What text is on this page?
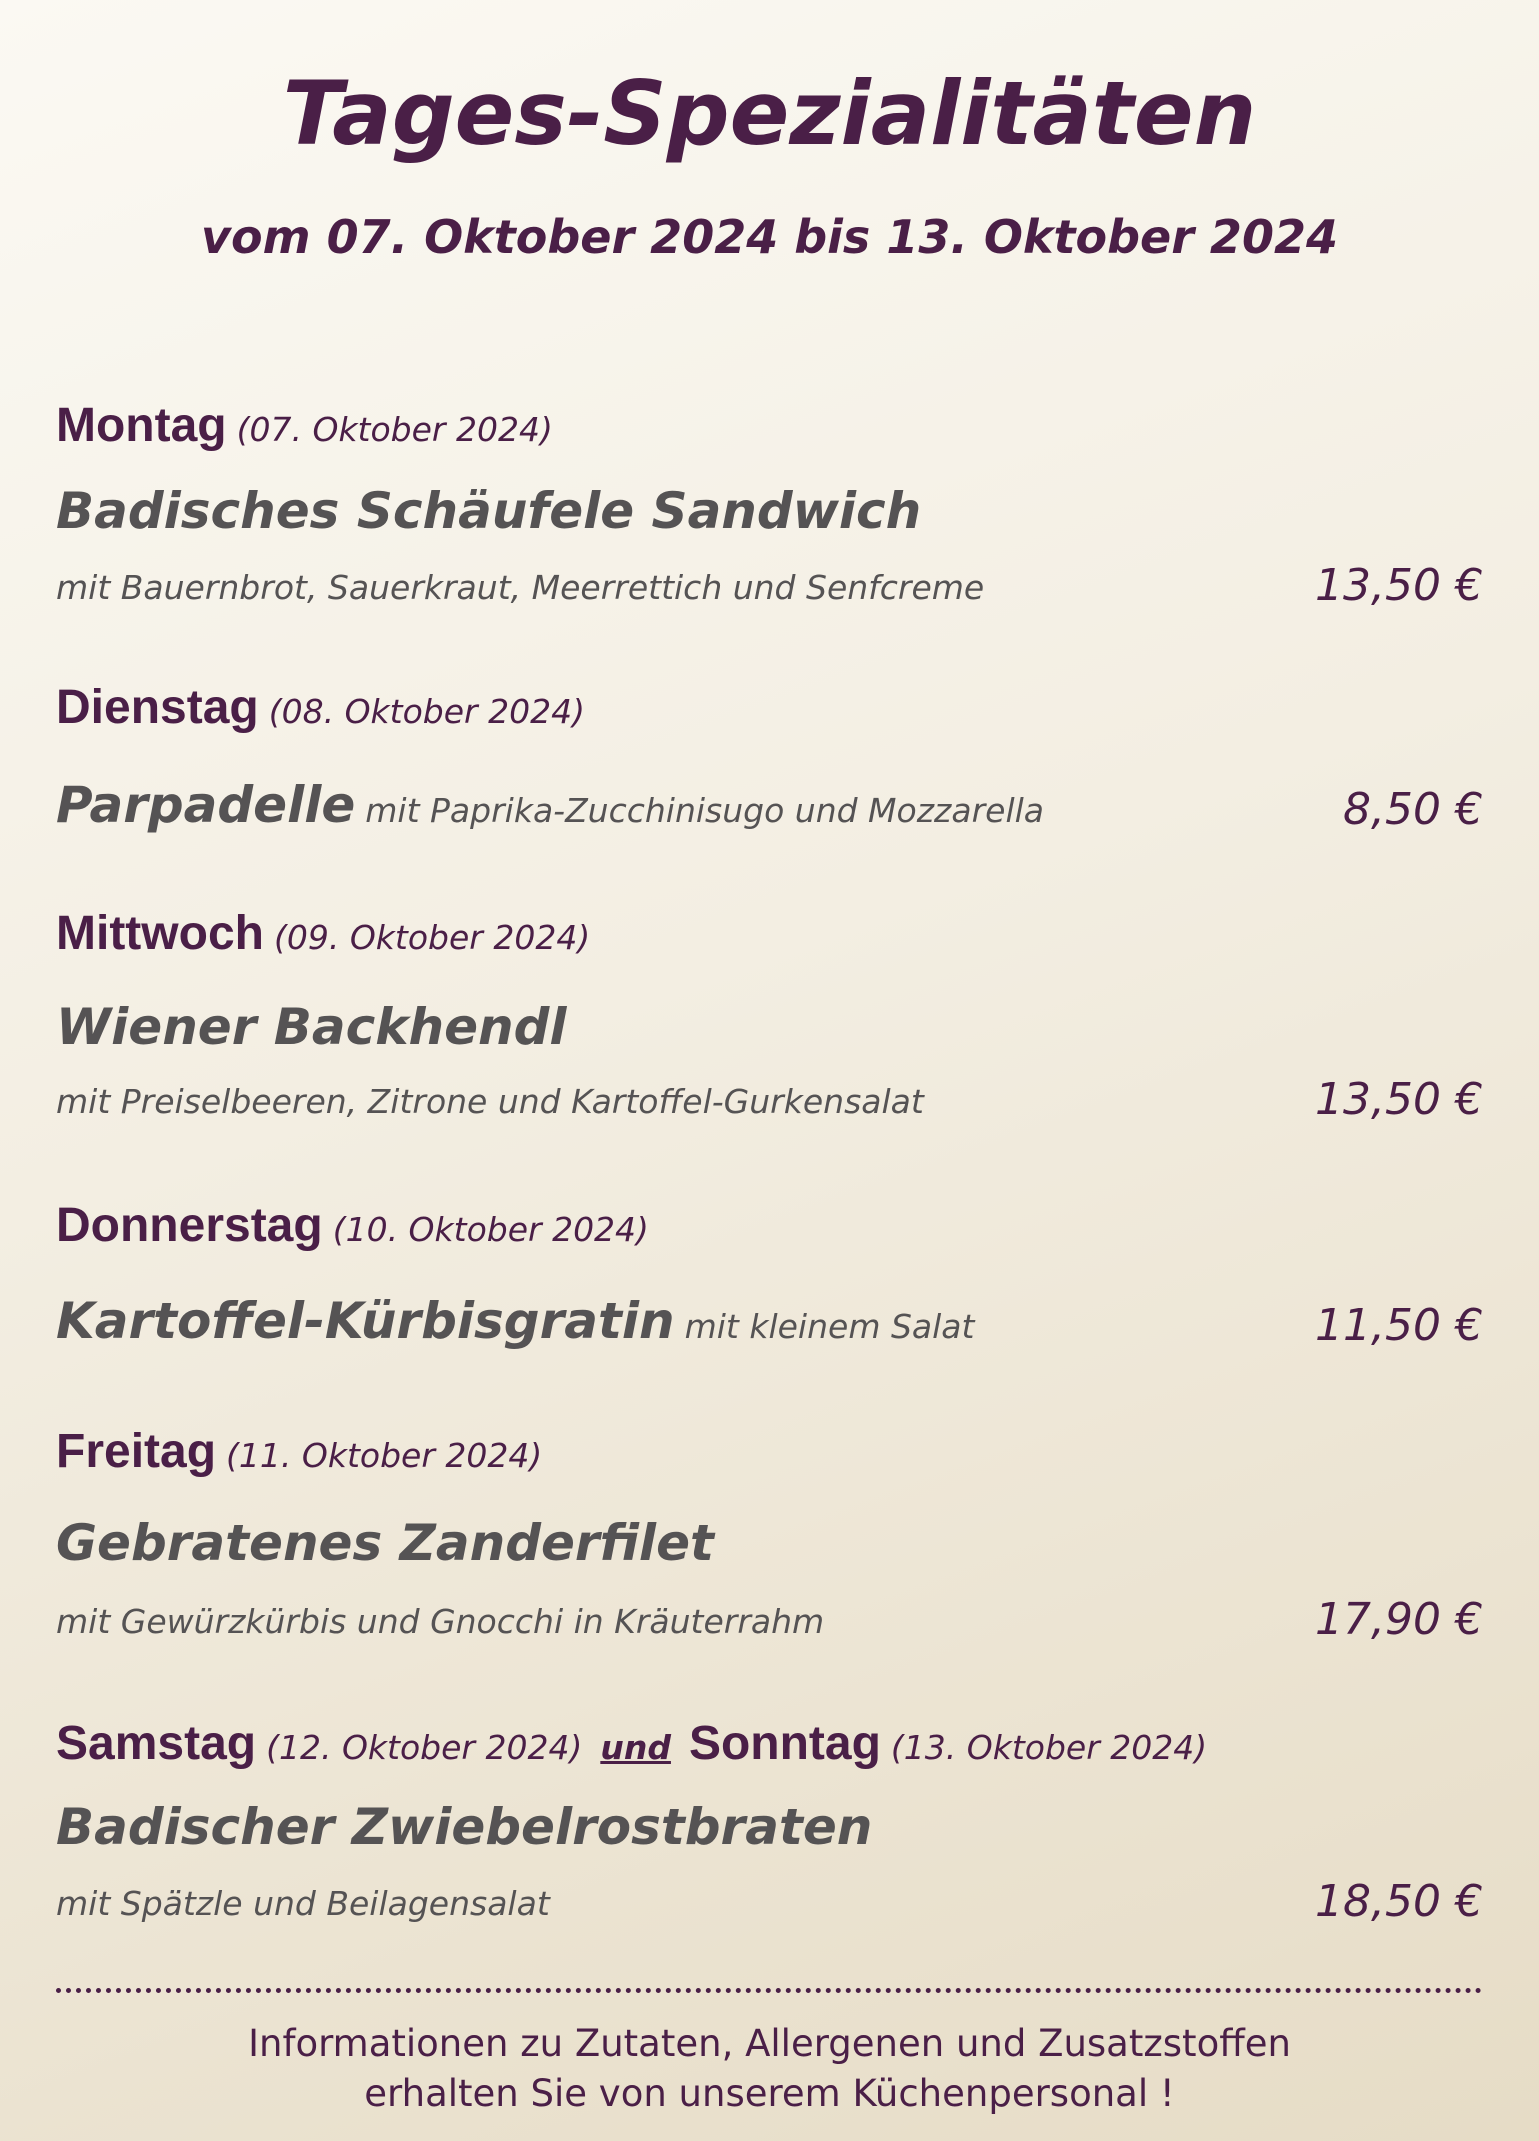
Tages-Spezialitäten
vom 07. Oktober 2024 bis 13. Oktober 2024
Montag (07. Oktober 2024)
Badisches Schäufele Sandwich
mit Bauernbrot, Sauerkraut, Meerrettich und Senfcreme	13,50 €
Dienstag (08. Oktober 2024)
Parpadelle mit Paprika-Zucchinisugo und Mozzarella	8,50 €
Mittwoch (09. Oktober 2024)
Wiener Backhendl
mit Preiselbeeren, Zitrone und Kartoffel-Gurkensalat	13,50 €
Donnerstag (10. Oktober 2024)
Kartoffel-Kürbisgratin mit kleinem Salat	11,50 €
Freitag (11. Oktober 2024)
Gebratenes Zanderfilet
mit Gewürzkürbis und Gnocchi in Kräuterrahm	17,90 €
Samstag (12. Oktober 2024) und Sonntag (13. Oktober 2024)
Badischer Zwiebelrostbraten
mit Spätzle und Beilagensalat	18,50 €
Informationen zu Zutaten, Allergenen und Zusatzstoffen
erhalten Sie von unserem Küchenpersonal !
